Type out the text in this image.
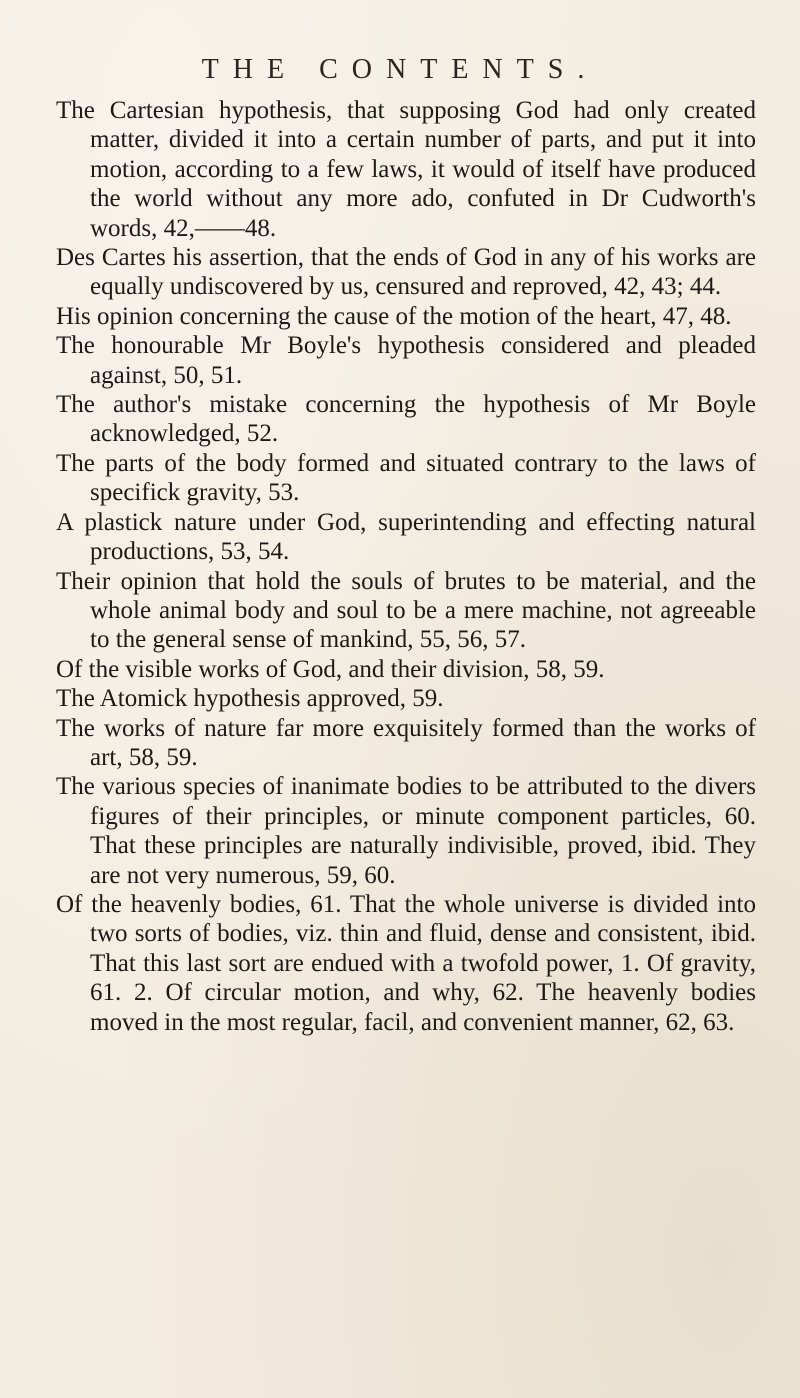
THE CONTENTS.

The Cartesian hypothesis, that supposing God had only created matter, divided it into a certain number of parts, and put it into motion, according to a few laws, it would of itself have produced the world without any more ado, confuted in Dr Cudworth's words, 42,——48.

Des Cartes his assertion, that the ends of God in any of his works are equally undiscovered by us, censured and reproved, 42, 43; 44.

His opinion concerning the cause of the motion of the heart, 47, 48.

The honourable Mr Boyle's hypothesis considered and pleaded against, 50, 51.

The author's mistake concerning the hypothesis of Mr Boyle acknowledged, 52.

The parts of the body formed and situated contrary to the laws of specifick gravity, 53.

A plastick nature under God, superintending and effecting natural productions, 53, 54.

Their opinion that hold the souls of brutes to be material, and the whole animal body and soul to be a mere machine, not agreeable to the general sense of mankind, 55, 56, 57.

Of the visible works of God, and their division, 58, 59.

The Atomick hypothesis approved, 59.

The works of nature far more exquisitely formed than the works of art, 58, 59.

The various species of inanimate bodies to be attributed to the divers figures of their principles, or minute component particles, 60. That these principles are naturally indivisible, proved, ibid. They are not very numerous, 59, 60.

Of the heavenly bodies, 61. That the whole universe is divided into two sorts of bodies, viz. thin and fluid, dense and consistent, ibid. That this last sort are endued with a twofold power, 1. Of gravity, 61. 2. Of circular motion, and why, 62. The heavenly bodies moved in the most regular, facil, and convenient manner, 62, 63.
